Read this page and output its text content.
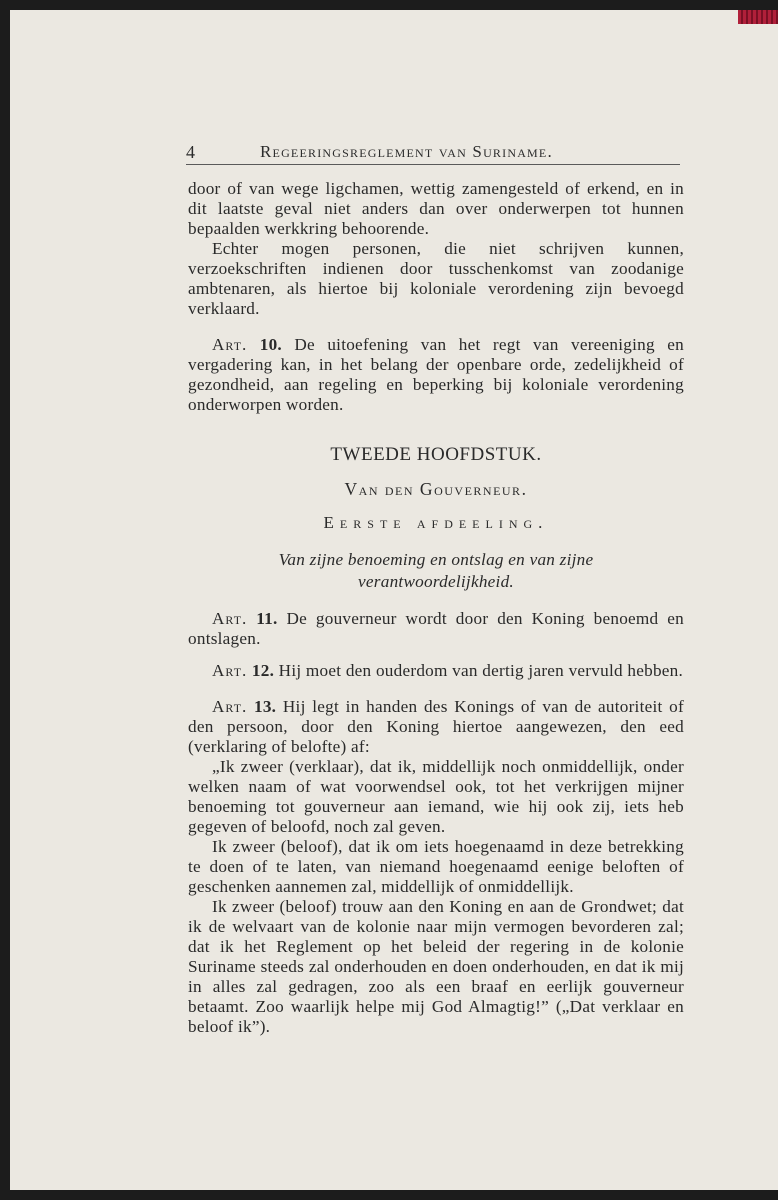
4	Regeeringsreglement van Suriname.

door of van wege ligchamen, wettig zamengesteld of erkend, en in dit laatste geval niet anders dan over onderwerpen tot hunnen bepaalden werkkring behoorende.

Echter mogen personen, die niet schrijven kunnen, verzoekschriften indienen door tusschenkomst van zoodanige ambtenaren, als hiertoe bij koloniale verordening zijn bevoegd verklaard.

Art. 10. De uitoefening van het regt van vereeniging en vergadering kan, in het belang der openbare orde, zedelijkheid of gezondheid, aan regeling en beperking bij koloniale verordening onderworpen worden.

TWEEDE HOOFDSTUK.

Van den Gouverneur.

Eerste afdeeling.

Van zijne benoeming en ontslag en van zijne
verantwoordelijkheid.

Art. 11. De gouverneur wordt door den Koning benoemd en ontslagen.

Art. 12. Hij moet den ouderdom van dertig jaren vervuld hebben.

Art. 13. Hij legt in handen des Konings of van de autoriteit of den persoon, door den Koning hiertoe aangewezen, den eed (verklaring of belofte) af:

„Ik zweer (verklaar), dat ik, middellijk noch onmiddellijk, onder welken naam of wat voorwendsel ook, tot het verkrijgen mijner benoeming tot gouverneur aan iemand, wie hij ook zij, iets heb gegeven of beloofd, noch zal geven.

Ik zweer (beloof), dat ik om iets hoegenaamd in deze betrekking te doen of te laten, van niemand hoegenaamd eenige beloften of geschenken aannemen zal, middellijk of onmiddellijk.

Ik zweer (beloof) trouw aan den Koning en aan de Grondwet; dat ik de welvaart van de kolonie naar mijn vermogen bevorderen zal; dat ik het Reglement op het beleid der regering in de kolonie Suriname steeds zal onderhouden en doen onderhouden, en dat ik mij in alles zal gedragen, zoo als een braaf en eerlijk gouverneur betaamt. Zoo waarlijk helpe mij God Almagtig!” („Dat verklaar en beloof ik”).
